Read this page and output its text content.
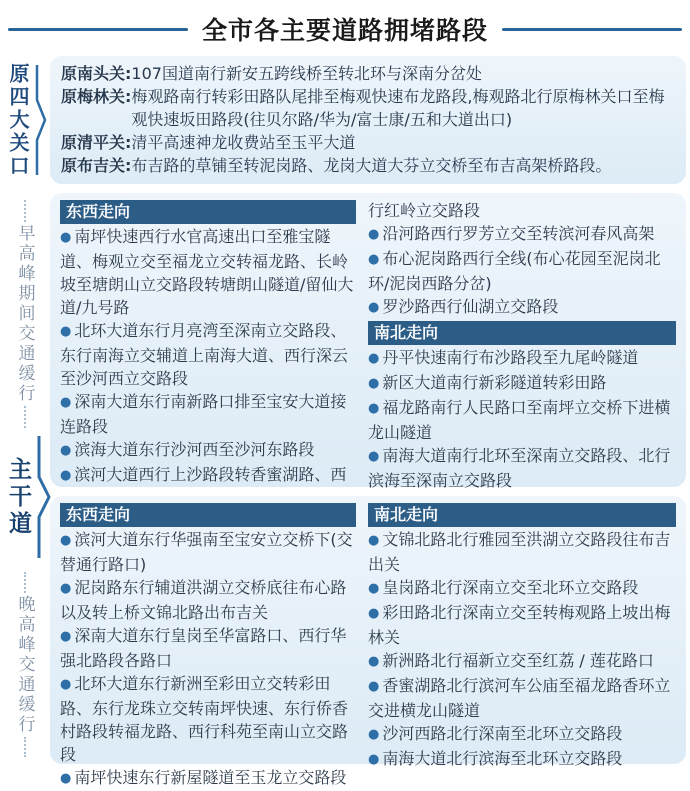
全市各主要道路拥堵路段
原四大关口
早高峰期间交通缓行
主干道
晚高峰交通缓行
原南头关: 107国道南行新安五跨线桥至转北环与深南分岔处
原梅林关: 梅观路南行转彩田路队尾排至梅观快速布龙路段,梅观路北行原梅林关口至梅观快速坂田路段(往贝尔路/华为/富士康/五和大道出口)
原清平关: 清平高速神龙收费站至玉平大道
原布吉关: 布吉路的草铺至转泥岗路、龙岗大道大芬立交桥至布吉高架桥路段。
东西走向

● 南坪快速西行水官高速出口至雅宝隧道、梅观立交至福龙立交转福龙路、长岭坡至塘朗山立交路段转塘朗山隧道/留仙大道/九号路

● 北环大道东行月亮湾至深南立交路段、东行南海立交辅道上南海大道、西行深云至沙河西立交路段

● 深南大道东行南新路口排至宝安大道接连路段

● 滨海大道东行沙河西至沙河东路段

● 滨河大道西行上沙路段转香蜜湖路、西

行红岭立交路段

● 沿河路西行罗芳立交至转滨河春风高架

● 布心泥岗路西行全线(布心花园至泥岗北环/泥岗西路分岔)

● 罗沙路西行仙湖立交路段

南北走向

● 丹平快速南行布沙路段至九尾岭隧道

● 新区大道南行新彩隧道转彩田路

● 福龙路南行人民路口至南坪立交桥下进横龙山隧道

● 南海大道南行北环至深南立交路段、北行滨海至深南立交路段

东西走向

● 滨河大道东行华强南至宝安立交桥下(交替通行路口)

● 泥岗路东行辅道洪湖立交桥底往布心路以及转上桥文锦北路出布吉关

● 深南大道东行皇岗至华富路口、西行华强北路段各路口

● 北环大道东行新洲至彩田立交转彩田路、东行龙珠立交转南坪快速、东行侨香村路段转福龙路、西行科苑至南山立交路段

● 南坪快速东行新屋隧道至玉龙立交路段

南北走向

● 文锦北路北行雅园至洪湖立交路段往布吉出关

● 皇岗路北行深南立交至北环立交路段

● 彩田路北行深南立交至转梅观路上坡出梅林关

● 新洲路北行福新立交至红荔 / 莲花路口

● 香蜜湖路北行滨河车公庙至福龙路香环立交进横龙山隧道

● 沙河西路北行深南至北环立交路段

● 南海大道北行滨海至北环立交路段
